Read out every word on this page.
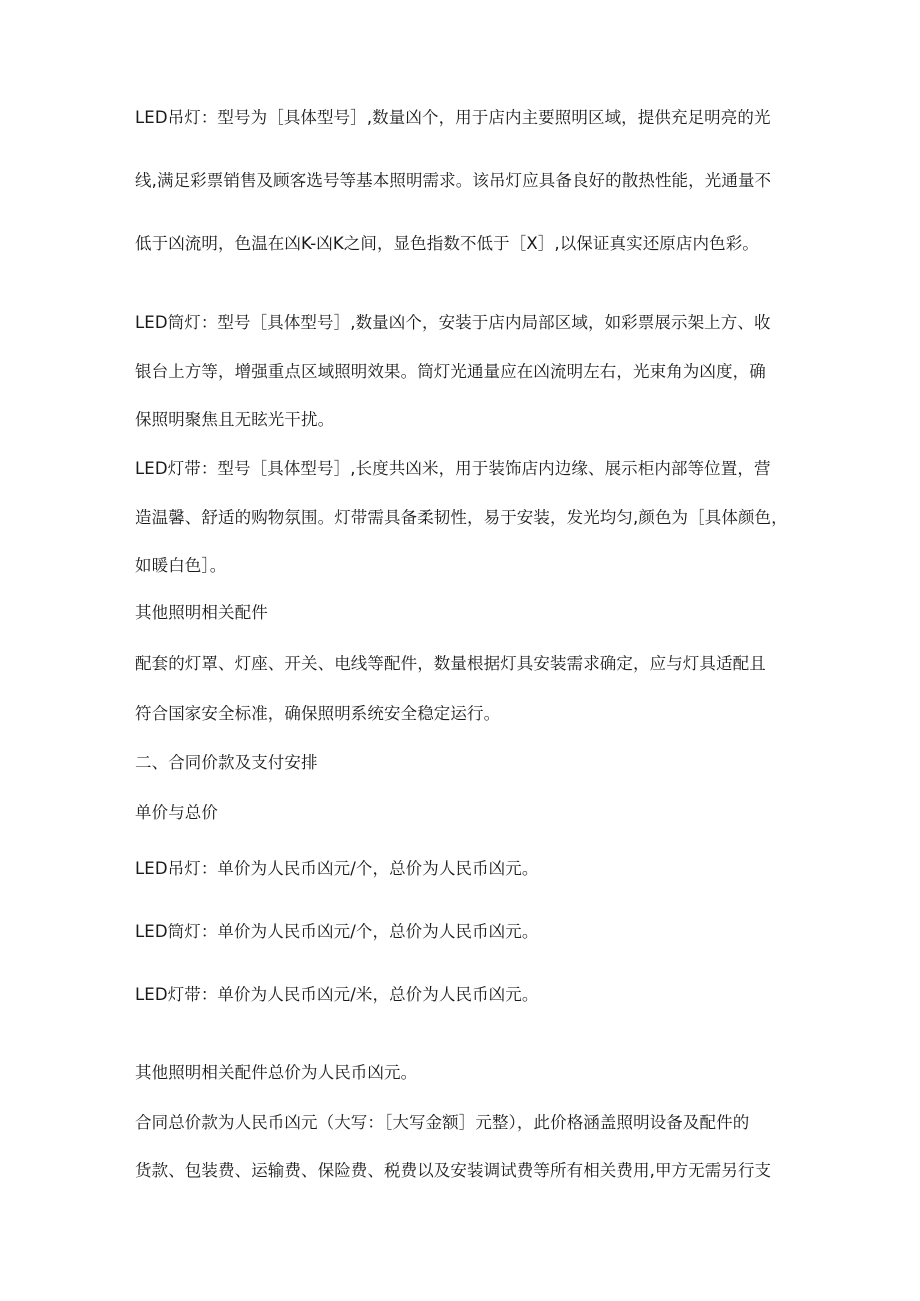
LED吊灯：型号为［具体型号］,数量凶个，用于店内主要照明区域，提供充足明亮的光
线,满足彩票销售及顾客选号等基本照明需求。该吊灯应具备良好的散热性能，光通量不
低于凶流明，色温在凶K-凶K之间，显色指数不低于［X］,以保证真实还原店内色彩。
LED筒灯：型号［具体型号］,数量凶个，安装于店内局部区域，如彩票展示架上方、收
银台上方等，增强重点区域照明效果。筒灯光通量应在凶流明左右，光束角为凶度，确
保照明聚焦且无眩光干扰。
LED灯带：型号［具体型号］,长度共凶米，用于装饰店内边缘、展示柜内部等位置，营
造温馨、舒适的购物氛围。灯带需具备柔韧性，易于安装，发光均匀,颜色为［具体颜色，
如暖白色］。
其他照明相关配件
配套的灯罩、灯座、开关、电线等配件，数量根据灯具安装需求确定，应与灯具适配且
符合国家安全标准，确保照明系统安全稳定运行。
二、合同价款及支付安排
单价与总价
LED吊灯：单价为人民币凶元/个，总价为人民币凶元。
LED筒灯：单价为人民币凶元/个，总价为人民币凶元。
LED灯带：单价为人民币凶元/米，总价为人民币凶元。
其他照明相关配件总价为人民币凶元。
合同总价款为人民币凶元（大写：［大写金额］元整），此价格涵盖照明设备及配件的
货款、包装费、运输费、保险费、税费以及安装调试费等所有相关费用,甲方无需另行支
